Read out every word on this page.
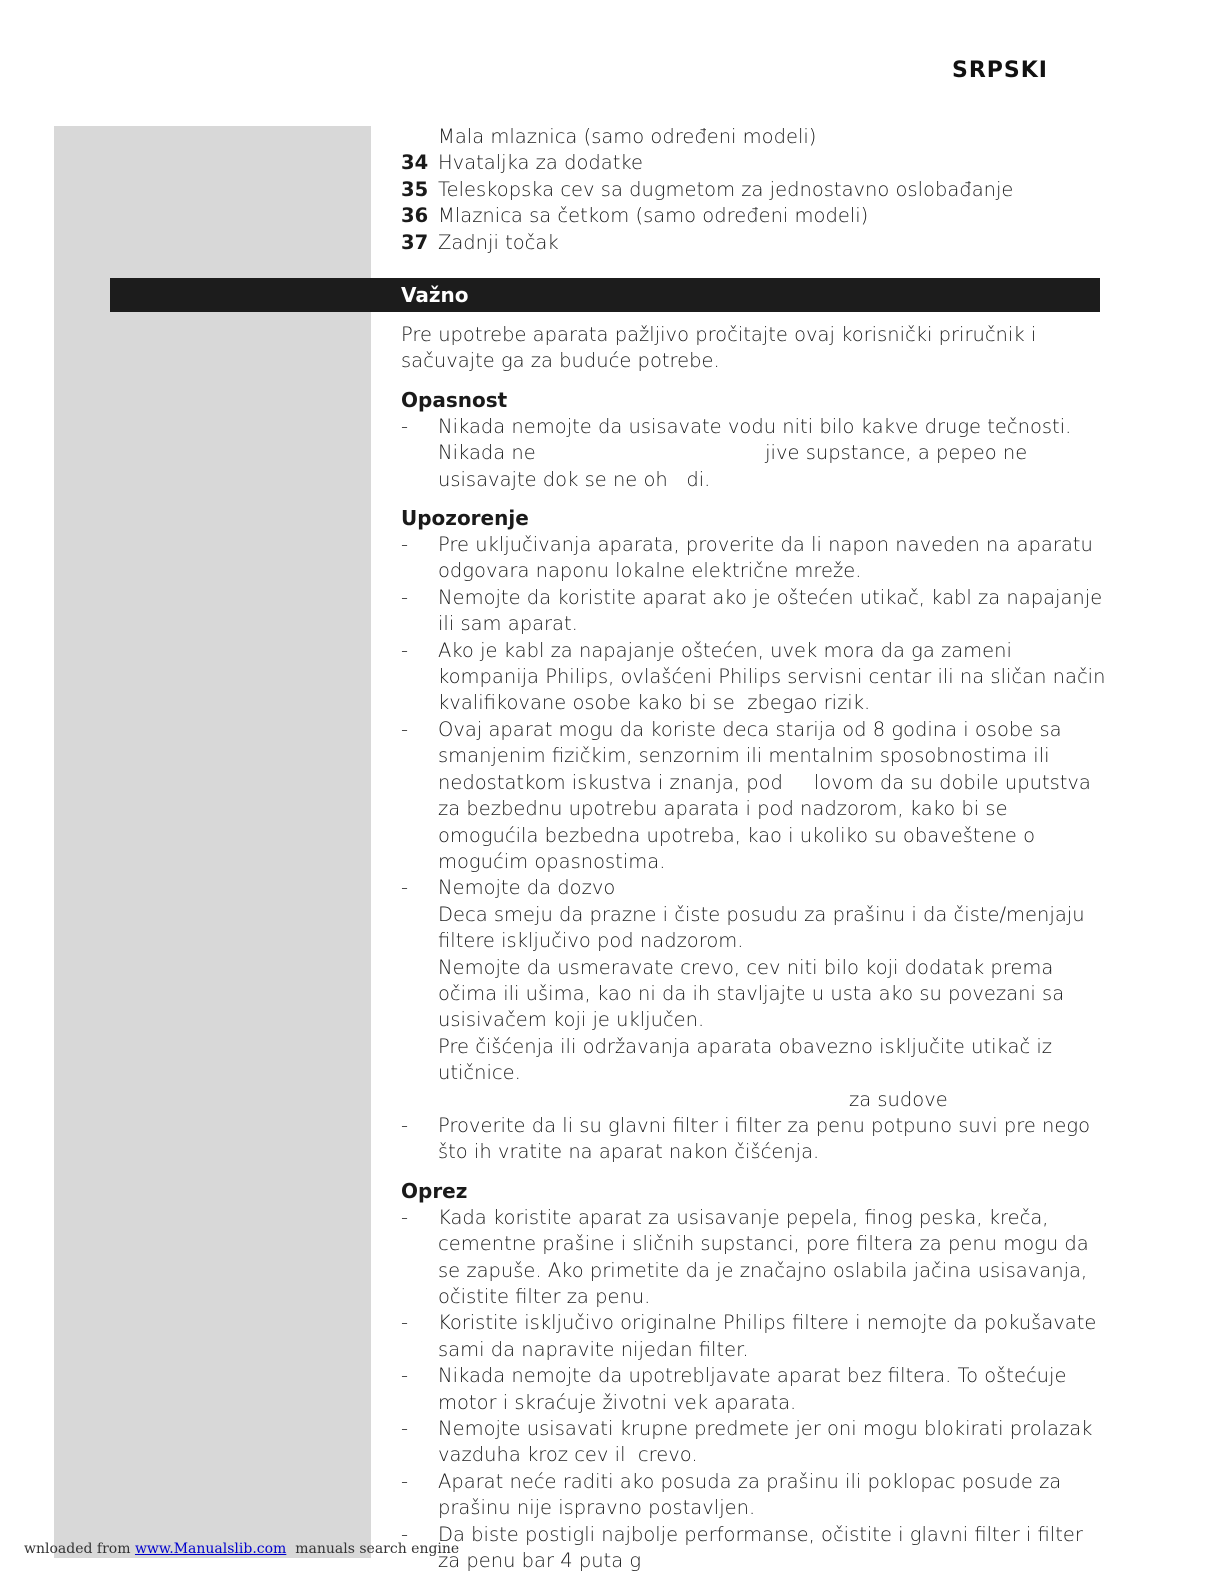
SRPSKI
Mala mlaznica (samo određeni modeli)
34 Hvataljka za dodatke
35 Teleskopska cev sa dugmetom za jednostavno oslobađanje
36 Mlaznica sa četkom (samo određeni modeli)
37 Zadnji točak
Važno

Pre upotrebe aparata pažljivo pročitajte ovaj korisnički priručnik i sačuvajte ga za buduće potrebe.

Opasnost
- Nikada nemojte da usisavate vodu niti bilo kakve druge tečnosti. Nikada ne                                     jive supstance, a pepeo ne usisavajte dok se ne oh   di.
Upozorenje
- Pre uključivanja aparata, proverite da li napon naveden na aparatu odgovara naponu lokalne električne mreže.
- Nemojte da koristite aparat ako je oštećen utikač, kabl za napajanje ili sam aparat.
- Ako je kabl za napajanje oštećen, uvek mora da ga zameni kompanija Philips, ovlašćeni Philips servisni centar ili na sličan način kvalifikovane osobe kako bi se  zbegao rizik.
- Ovaj aparat mogu da koriste deca starija od 8 godina i osobe sa smanjenim fizičkim, senzornim ili mentalnim sposobnostima ili nedostatkom iskustva i znanja, pod     lovom da su dobile uputstva za bezbednu upotrebu aparata i pod nadzorom, kako bi se omogućila bezbedna upotreba, kao i ukoliko su obaveštene o mogućim opasnostima.
- Nemojte da dozvo
Deca smeju da prazne i čiste posudu za prašinu i da čiste/menjaju filtere isključivo pod nadzorom.
Nemojte da usmeravate crevo, cev niti bilo koji dodatak prema očima ili ušima, kao ni da ih stavljajte u usta ako su povezani sa usisivačem koji je uključen.
Pre čišćenja ili održavanja aparata obavezno isključite utikač iz utičnice.
za sudove
- Proverite da li su glavni filter i filter za penu potpuno suvi pre nego što ih vratite na aparat nakon čišćenja.
Oprez
- Kada koristite aparat za usisavanje pepela, finog peska, kreča, cementne prašine i sličnih supstanci, pore filtera za penu mogu da se zapuše. Ako primetite da je značajno oslabila jačina usisavanja, očistite filter za penu.
- Koristite isključivo originalne Philips filtere i nemojte da pokušavate sami da napravite nijedan filter.
- Nikada nemojte da upotrebljavate aparat bez filtera. To oštećuje motor i skraćuje životni vek aparata.
- Nemojte usisavati krupne predmete jer oni mogu blokirati prolazak vazduha kroz cev il  crevo.
- Aparat neće raditi ako posuda za prašinu ili poklopac posude za prašinu nije ispravno postavljen.
- Da biste postigli najbolje performanse, očistite i glavni filter i filter za penu bar 4 puta g
wnloaded from www.Manualslib.com  manuals search engine
